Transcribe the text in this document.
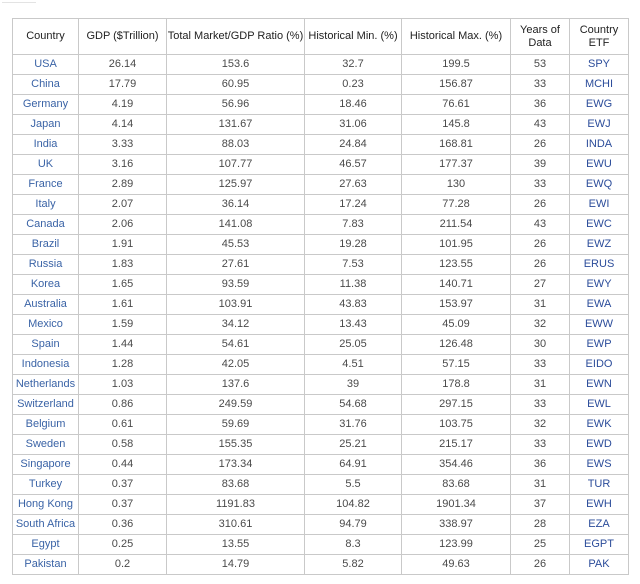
Country	GDP ($Trillion)	Total Market/GDP Ratio (%)	Historical Min. (%)	Historical Max. (%)	Years of Data	Country ETF
USA	26.14	153.6	32.7	199.5	53	SPY
China	17.79	60.95	0.23	156.87	33	MCHI
Germany	4.19	56.96	18.46	76.61	36	EWG
Japan	4.14	131.67	31.06	145.8	43	EWJ
India	3.33	88.03	24.84	168.81	26	INDA
UK	3.16	107.77	46.57	177.37	39	EWU
France	2.89	125.97	27.63	130	33	EWQ
Italy	2.07	36.14	17.24	77.28	26	EWI
Canada	2.06	141.08	7.83	211.54	43	EWC
Brazil	1.91	45.53	19.28	101.95	26	EWZ
Russia	1.83	27.61	7.53	123.55	26	ERUS
Korea	1.65	93.59	11.38	140.71	27	EWY
Australia	1.61	103.91	43.83	153.97	31	EWA
Mexico	1.59	34.12	13.43	45.09	32	EWW
Spain	1.44	54.61	25.05	126.48	30	EWP
Indonesia	1.28	42.05	4.51	57.15	33	EIDO
Netherlands	1.03	137.6	39	178.8	31	EWN
Switzerland	0.86	249.59	54.68	297.15	33	EWL
Belgium	0.61	59.69	31.76	103.75	32	EWK
Sweden	0.58	155.35	25.21	215.17	33	EWD
Singapore	0.44	173.34	64.91	354.46	36	EWS
Turkey	0.37	83.68	5.5	83.68	31	TUR
Hong Kong	0.37	1191.83	104.82	1901.34	37	EWH
South Africa	0.36	310.61	94.79	338.97	28	EZA
Egypt	0.25	13.55	8.3	123.99	25	EGPT
Pakistan	0.2	14.79	5.82	49.63	26	PAK
